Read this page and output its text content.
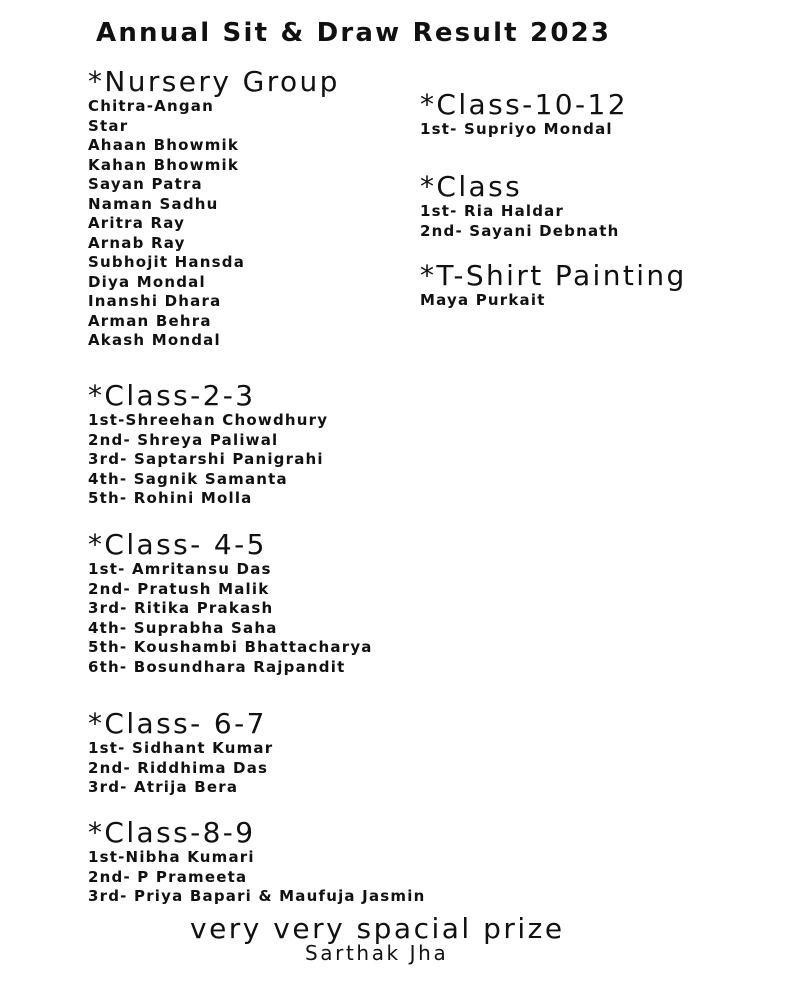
Annual Sit & Draw Result 2023
*Nursery Group
Chitra-Angan
Star
Ahaan Bhowmik
Kahan Bhowmik
Sayan Patra
Naman Sadhu
Aritra Ray
Arnab Ray
Subhojit Hansda
Diya Mondal
Inanshi Dhara
Arman Behra
Akash Mondal
*Class-10-12
1st- Supriyo Mondal
*Class
1st- Ria Haldar
2nd- Sayani Debnath
*T-Shirt Painting
Maya Purkait
*Class-2-3
1st-Shreehan Chowdhury
2nd- Shreya Paliwal
3rd- Saptarshi Panigrahi
4th- Sagnik Samanta
5th- Rohini Molla
*Class- 4-5
1st- Amritansu Das
2nd- Pratush Malik
3rd- Ritika Prakash
4th- Suprabha Saha
5th- Koushambi Bhattacharya
6th- Bosundhara Rajpandit
*Class- 6-7
1st- Sidhant Kumar
2nd- Riddhima Das
3rd- Atrija Bera
*Class-8-9
1st-Nibha Kumari
2nd- P Prameeta
3rd- Priya Bapari & Maufuja Jasmin
very very spacial prize
Sarthak Jha
